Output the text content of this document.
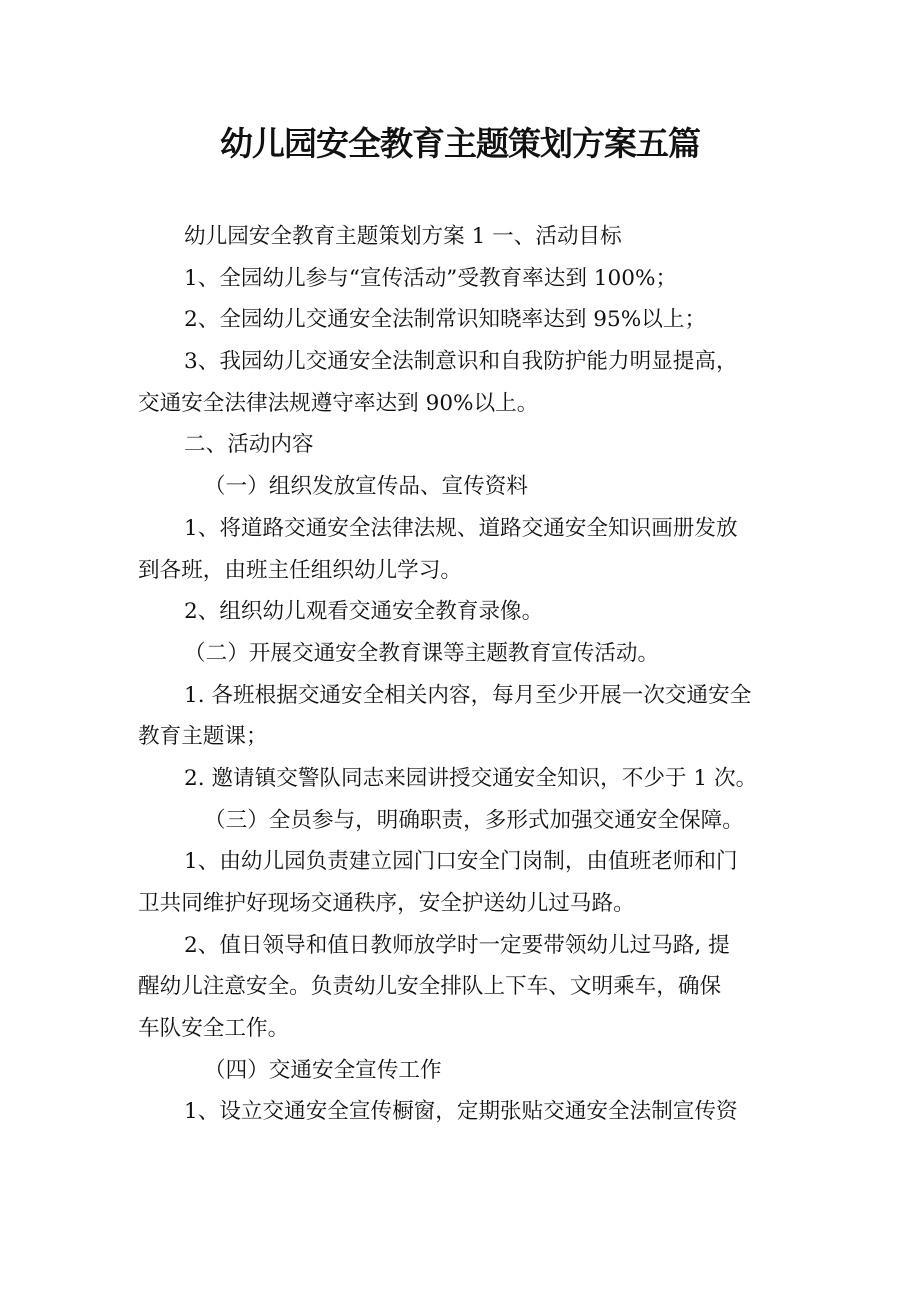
幼儿园安全教育主题策划方案五篇

幼儿园安全教育主题策划方案 1 一、活动目标

1、全园幼儿参与“宣传活动”受教育率达到 100%；

2、全园幼儿交通安全法制常识知晓率达到 95%以上；

3、我园幼儿交通安全法制意识和自我防护能力明显提高，

交通安全法律法规遵守率达到 90%以上。

二、活动内容

（一）组织发放宣传品、宣传资料

1、将道路交通安全法律法规、道路交通安全知识画册发放

到各班，由班主任组织幼儿学习。

2、组织幼儿观看交通安全教育录像。

（二）开展交通安全教育课等主题教育宣传活动。

1. 各班根据交通安全相关内容，每月至少开展一次交通安全

教育主题课；

2. 邀请镇交警队同志来园讲授交通安全知识，不少于 1 次。

（三）全员参与，明确职责，多形式加强交通安全保障。

1、由幼儿园负责建立园门口安全门岗制，由值班老师和门

卫共同维护好现场交通秩序，安全护送幼儿过马路。

2、值日领导和值日教师放学时一定要带领幼儿过马路, 提

醒幼儿注意安全。负责幼儿安全排队上下车、文明乘车，确保

车队安全工作。

（四）交通安全宣传工作

1、设立交通安全宣传橱窗，定期张贴交通安全法制宣传资
